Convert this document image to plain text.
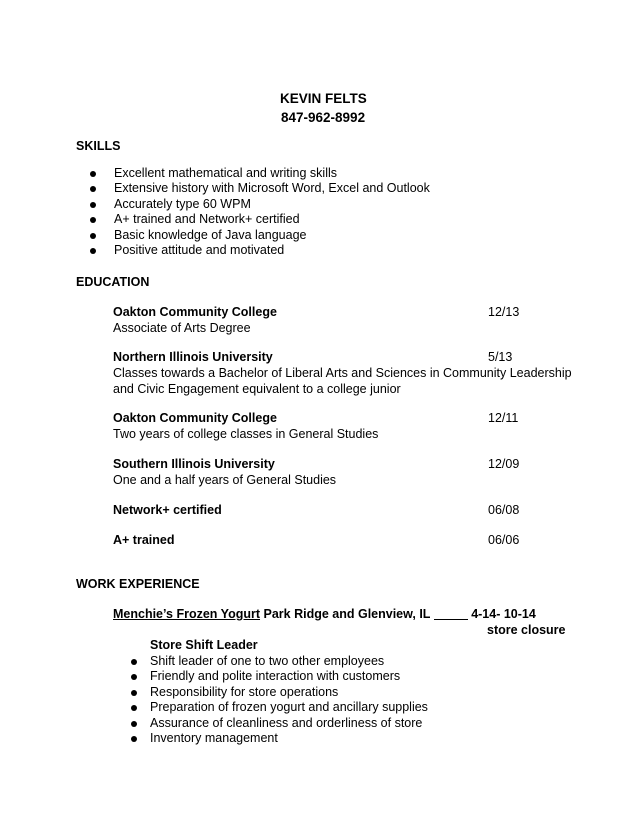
KEVIN FELTS
847-962-8992
SKILLS
Excellent mathematical and writing skills
Extensive history with Microsoft Word, Excel and Outlook
Accurately type 60 WPM
A+ trained and Network+ certified
Basic knowledge of Java language
Positive attitude and motivated
EDUCATION
Oakton Community College	12/13
Associate of Arts Degree
Northern Illinois University	5/13
Classes towards a Bachelor of Liberal Arts and Sciences in Community Leadership
and Civic Engagement equivalent to a college junior
Oakton Community College	12/11
Two years of college classes in General Studies
Southern Illinois University	12/09
One and a half years of General Studies
Network+ certified	06/08
A+ trained	06/06
WORK EXPERIENCE
Menchie’s Frozen Yogurt Park Ridge and Glenview, IL	4-14- 10-14
store closure
Store Shift Leader
Shift leader of one to two other employees
Friendly and polite interaction with customers
Responsibility for store operations
Preparation of frozen yogurt and ancillary supplies
Assurance of cleanliness and orderliness of store
Inventory management
